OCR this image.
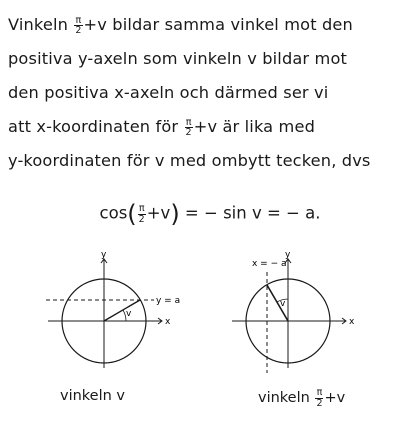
Vinkeln $\frac{\pi}{2} +v$ bildar samma vinkel mot den
positiva y-axeln som vinkeln v bildar mot
den positiva x-axeln och därmed ser vi
att x-koordinaten för $\frac{\pi}{2} +v$ är lika med
y-koordinaten för v med ombytt tecken, dvs
$\cos( \frac{\pi}{2} +v)$ = − sin v = − a.
y
x
y = a
v
vinkeln v
y
x
x = − a
v
vinkeln $\frac{\pi}{2} +v$
